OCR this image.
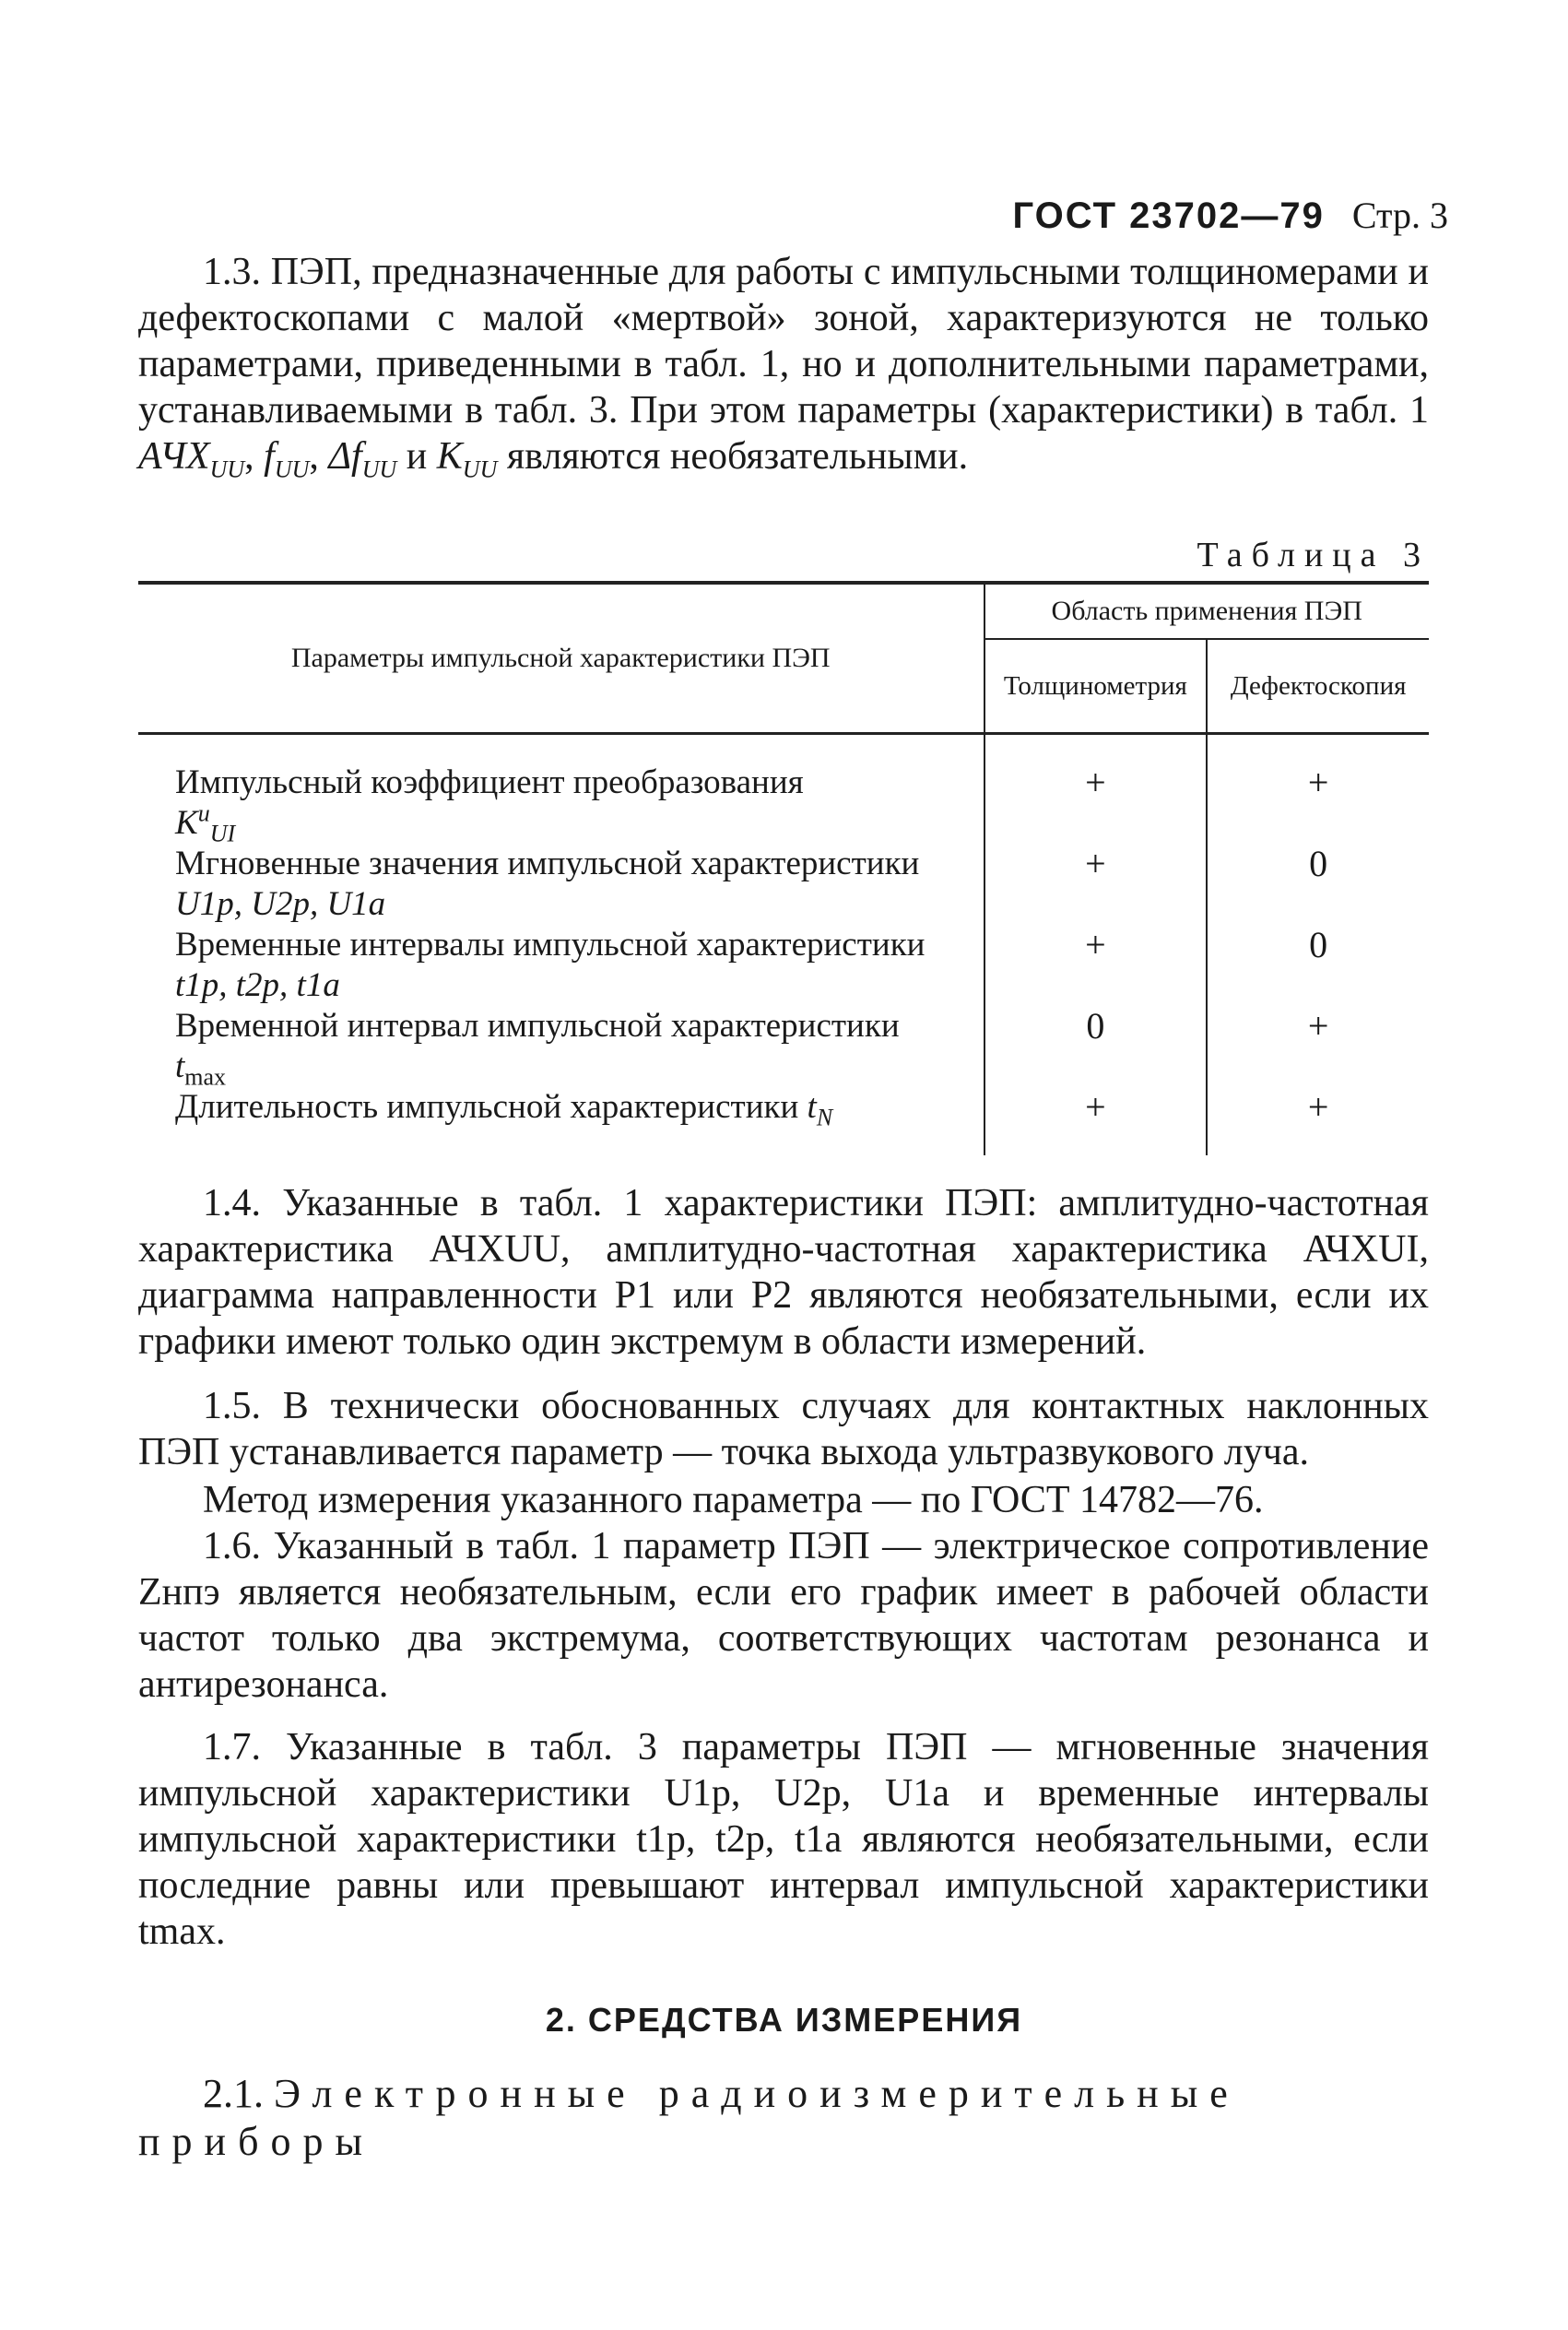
ГОСТ 23702—79 Стр. 3

1.3. ПЭП, предназначенные для работы с импульсными толщиномерами и дефектоскопами с малой «мертвой» зоной, характеризуются не только параметрами, приведенными в табл. 1, но и дополнительными параметрами, устанавливаемыми в табл. 3. При этом параметры (характеристики) в табл. 1 $АЧХ_{UU}$, $f_{UU}$, $\Delta f_{UU}$ и $K_{UU}$ являются необязательными.

Таблица 3
Параметры импульсной характеристики ПЭП	Область применения ПЭП	
	Толщинометрия	Дефектоскопия
Импульсный коэффициент преобразования
$K^и_{UI}$	+	+
Мгновенные значения импульсной характеристики
U1р, U2р, U1а	+	0
Временные интервалы импульсной характеристики
t1р, t2р, t1а	+	0
Временной интервал импульсной характеристики
$t_{max}$	0	+
Длительность импульсной характеристики $t_N$	+	+

1.4. Указанные в табл. 1 характеристики ПЭП: амплитудно-частотная характеристика АЧХUU, амплитудно-частотная характеристика АЧХUI, диаграмма направленности P1 или P2 являются необязательными, если их графики имеют только один экстремум в области измерений.

1.5. В технически обоснованных случаях для контактных наклонных ПЭП устанавливается параметр — точка выхода ультразвукового луча.

Метод измерения указанного параметра — по ГОСТ 14782—76.

1.6. Указанный в табл. 1 параметр ПЭП — электрическое сопротивление Zнпэ является необязательным, если его график имеет в рабочей области частот только два экстремума, соответствующих частотам резонанса и антирезонанса.

1.7. Указанные в табл. 3 параметры ПЭП — мгновенные значения импульсной характеристики U1р, U2р, U1а и временные интервалы импульсной характеристики t1р, t2р, t1а являются необязательными, если последние равны или превышают интервал импульсной характеристики tmax.

2. СРЕДСТВА ИЗМЕРЕНИЯ
2.1. Электронные радиоизмерительные приборы
